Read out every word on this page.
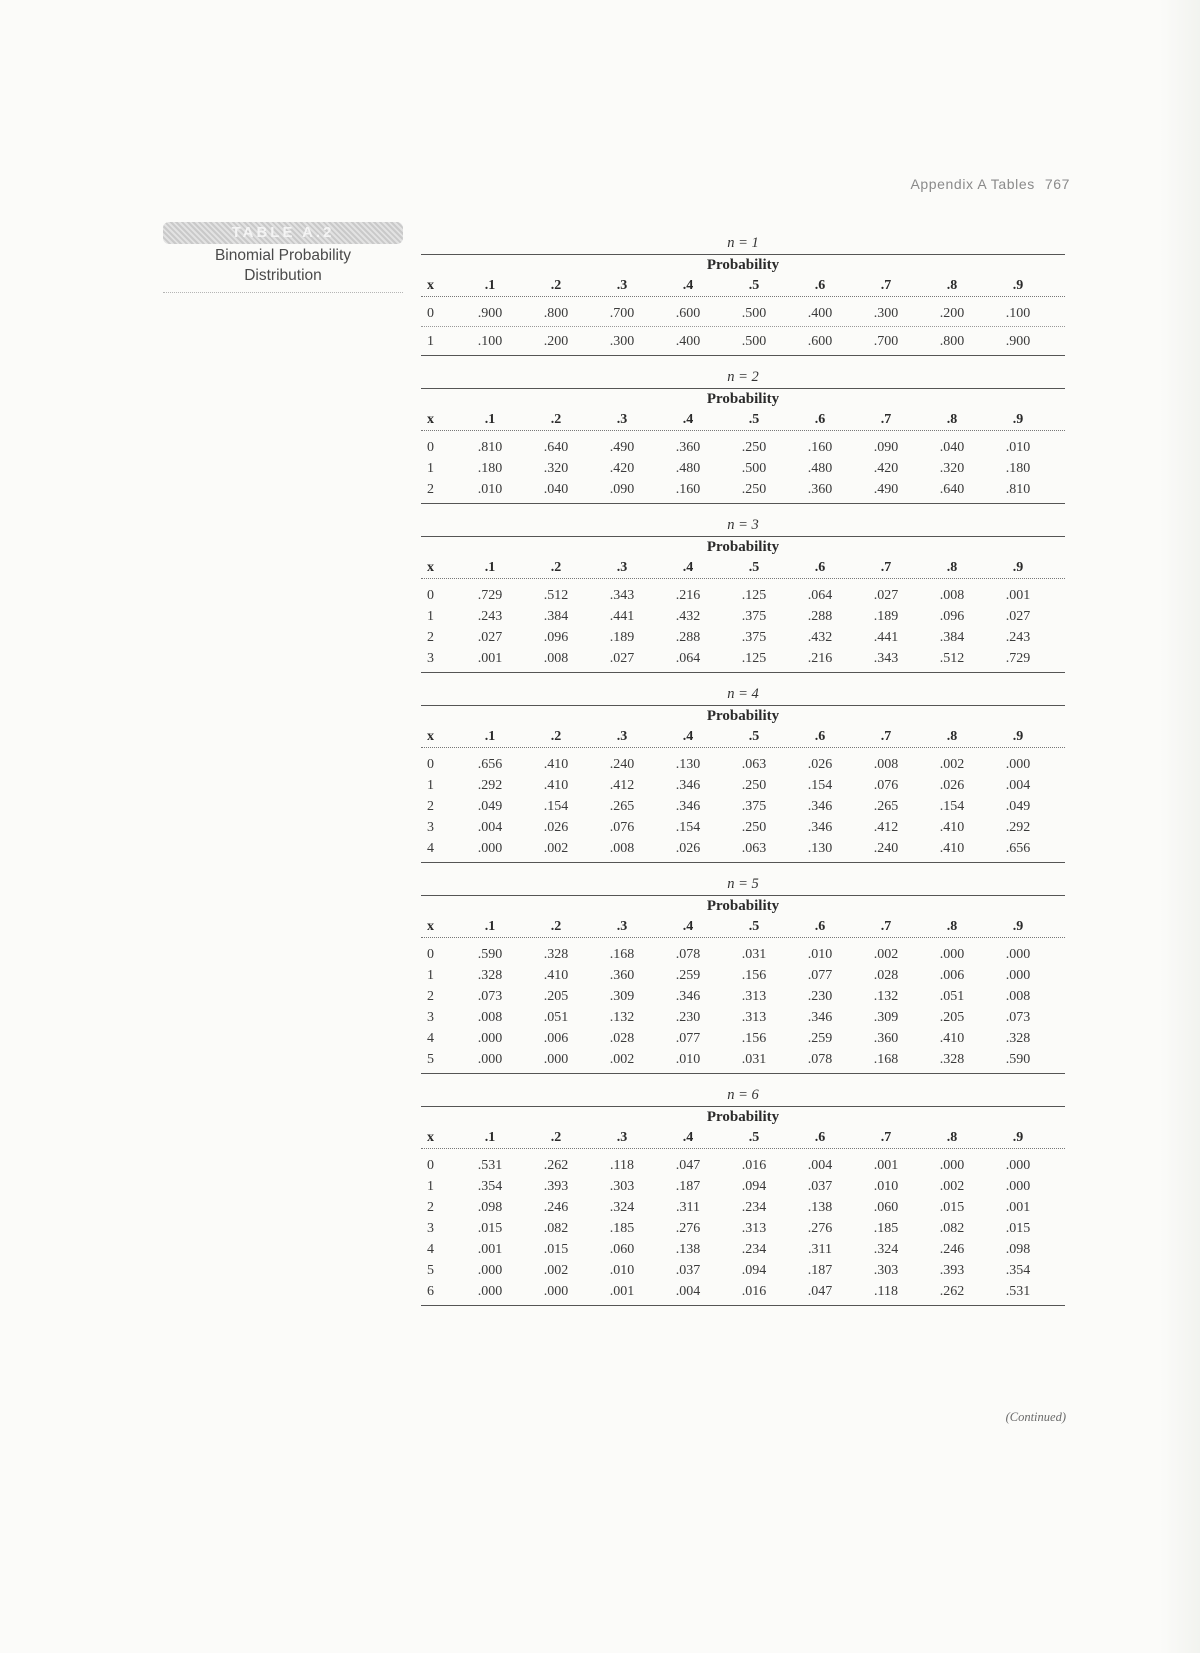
Appendix A Tables 767
TABLE A.2
Binomial Probability
Distribution
n = 1
Probability
x	.1	.2	.3	.4	.5	.6	.7	.8	.9
0	.900	.800	.700	.600	.500	.400	.300	.200	.100
1	.100	.200	.300	.400	.500	.600	.700	.800	.900
n = 2
Probability
x	.1	.2	.3	.4	.5	.6	.7	.8	.9
0	.810	.640	.490	.360	.250	.160	.090	.040	.010
1	.180	.320	.420	.480	.500	.480	.420	.320	.180
2	.010	.040	.090	.160	.250	.360	.490	.640	.810
n = 3
Probability
x	.1	.2	.3	.4	.5	.6	.7	.8	.9
0	.729	.512	.343	.216	.125	.064	.027	.008	.001
1	.243	.384	.441	.432	.375	.288	.189	.096	.027
2	.027	.096	.189	.288	.375	.432	.441	.384	.243
3	.001	.008	.027	.064	.125	.216	.343	.512	.729
n = 4
Probability
x	.1	.2	.3	.4	.5	.6	.7	.8	.9
0	.656	.410	.240	.130	.063	.026	.008	.002	.000
1	.292	.410	.412	.346	.250	.154	.076	.026	.004
2	.049	.154	.265	.346	.375	.346	.265	.154	.049
3	.004	.026	.076	.154	.250	.346	.412	.410	.292
4	.000	.002	.008	.026	.063	.130	.240	.410	.656
n = 5
Probability
x	.1	.2	.3	.4	.5	.6	.7	.8	.9
0	.590	.328	.168	.078	.031	.010	.002	.000	.000
1	.328	.410	.360	.259	.156	.077	.028	.006	.000
2	.073	.205	.309	.346	.313	.230	.132	.051	.008
3	.008	.051	.132	.230	.313	.346	.309	.205	.073
4	.000	.006	.028	.077	.156	.259	.360	.410	.328
5	.000	.000	.002	.010	.031	.078	.168	.328	.590
n = 6
Probability
x	.1	.2	.3	.4	.5	.6	.7	.8	.9
0	.531	.262	.118	.047	.016	.004	.001	.000	.000
1	.354	.393	.303	.187	.094	.037	.010	.002	.000
2	.098	.246	.324	.311	.234	.138	.060	.015	.001
3	.015	.082	.185	.276	.313	.276	.185	.082	.015
4	.001	.015	.060	.138	.234	.311	.324	.246	.098
5	.000	.002	.010	.037	.094	.187	.303	.393	.354
6	.000	.000	.001	.004	.016	.047	.118	.262	.531
(Continued)
